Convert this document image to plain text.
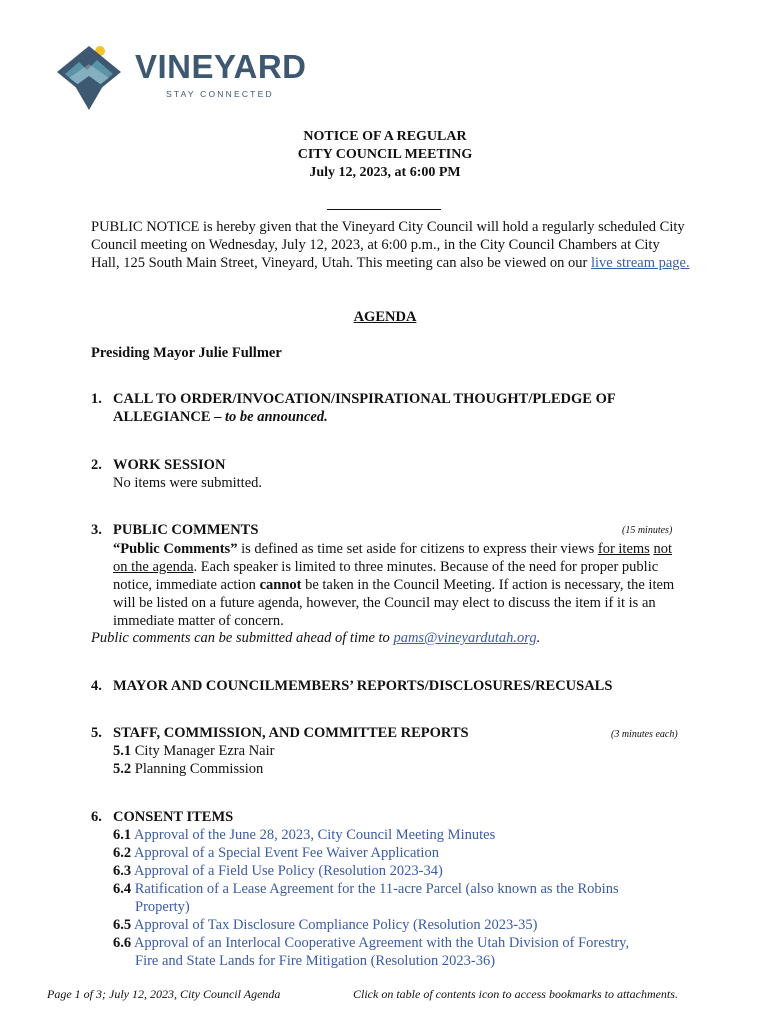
VINEYARD
STAY CONNECTED
NOTICE OF A REGULAR
CITY COUNCIL MEETING
July 12, 2023, at 6:00 PM
PUBLIC NOTICE is hereby given that the Vineyard City Council will hold a regularly scheduled City Council meeting on Wednesday, July 12, 2023, at 6:00 p.m., in the City Council Chambers at City Hall, 125 South Main Street, Vineyard, Utah. This meeting can also be viewed on our live stream page.
AGENDA
Presiding Mayor Julie Fullmer
1. CALL TO ORDER/INVOCATION/INSPIRATIONAL THOUGHT/PLEDGE OF
ALLEGIANCE – to be announced.
2. WORK SESSION
No items were submitted.
3. PUBLIC COMMENTS	(15 minutes)
“Public Comments” is defined as time set aside for citizens to express their views for items not on the agenda. Each speaker is limited to three minutes. Because of the need for proper public notice, immediate action cannot be taken in the Council Meeting. If action is necessary, the item will be listed on a future agenda, however, the Council may elect to discuss the item if it is an immediate matter of concern.
Public comments can be submitted ahead of time to pams@vineyardutah.org.
4. MAYOR AND COUNCILMEMBERS’ REPORTS/DISCLOSURES/RECUSALS
5. STAFF, COMMISSION, AND COMMITTEE REPORTS	(3 minutes each)
5.1 City Manager Ezra Nair
5.2 Planning Commission
6. CONSENT ITEMS
6.1 Approval of the June 28, 2023, City Council Meeting Minutes
6.2 Approval of a Special Event Fee Waiver Application
6.3 Approval of a Field Use Policy (Resolution 2023-34)
6.4 Ratification of a Lease Agreement for the 11-acre Parcel (also known as the Robins
Property)
6.5 Approval of Tax Disclosure Compliance Policy (Resolution 2023-35)
6.6 Approval of an Interlocal Cooperative Agreement with the Utah Division of Forestry,
Fire and State Lands for Fire Mitigation (Resolution 2023-36)
Page 1 of 3; July 12, 2023, City Council Agenda	Click on table of contents icon to access bookmarks to attachments.
